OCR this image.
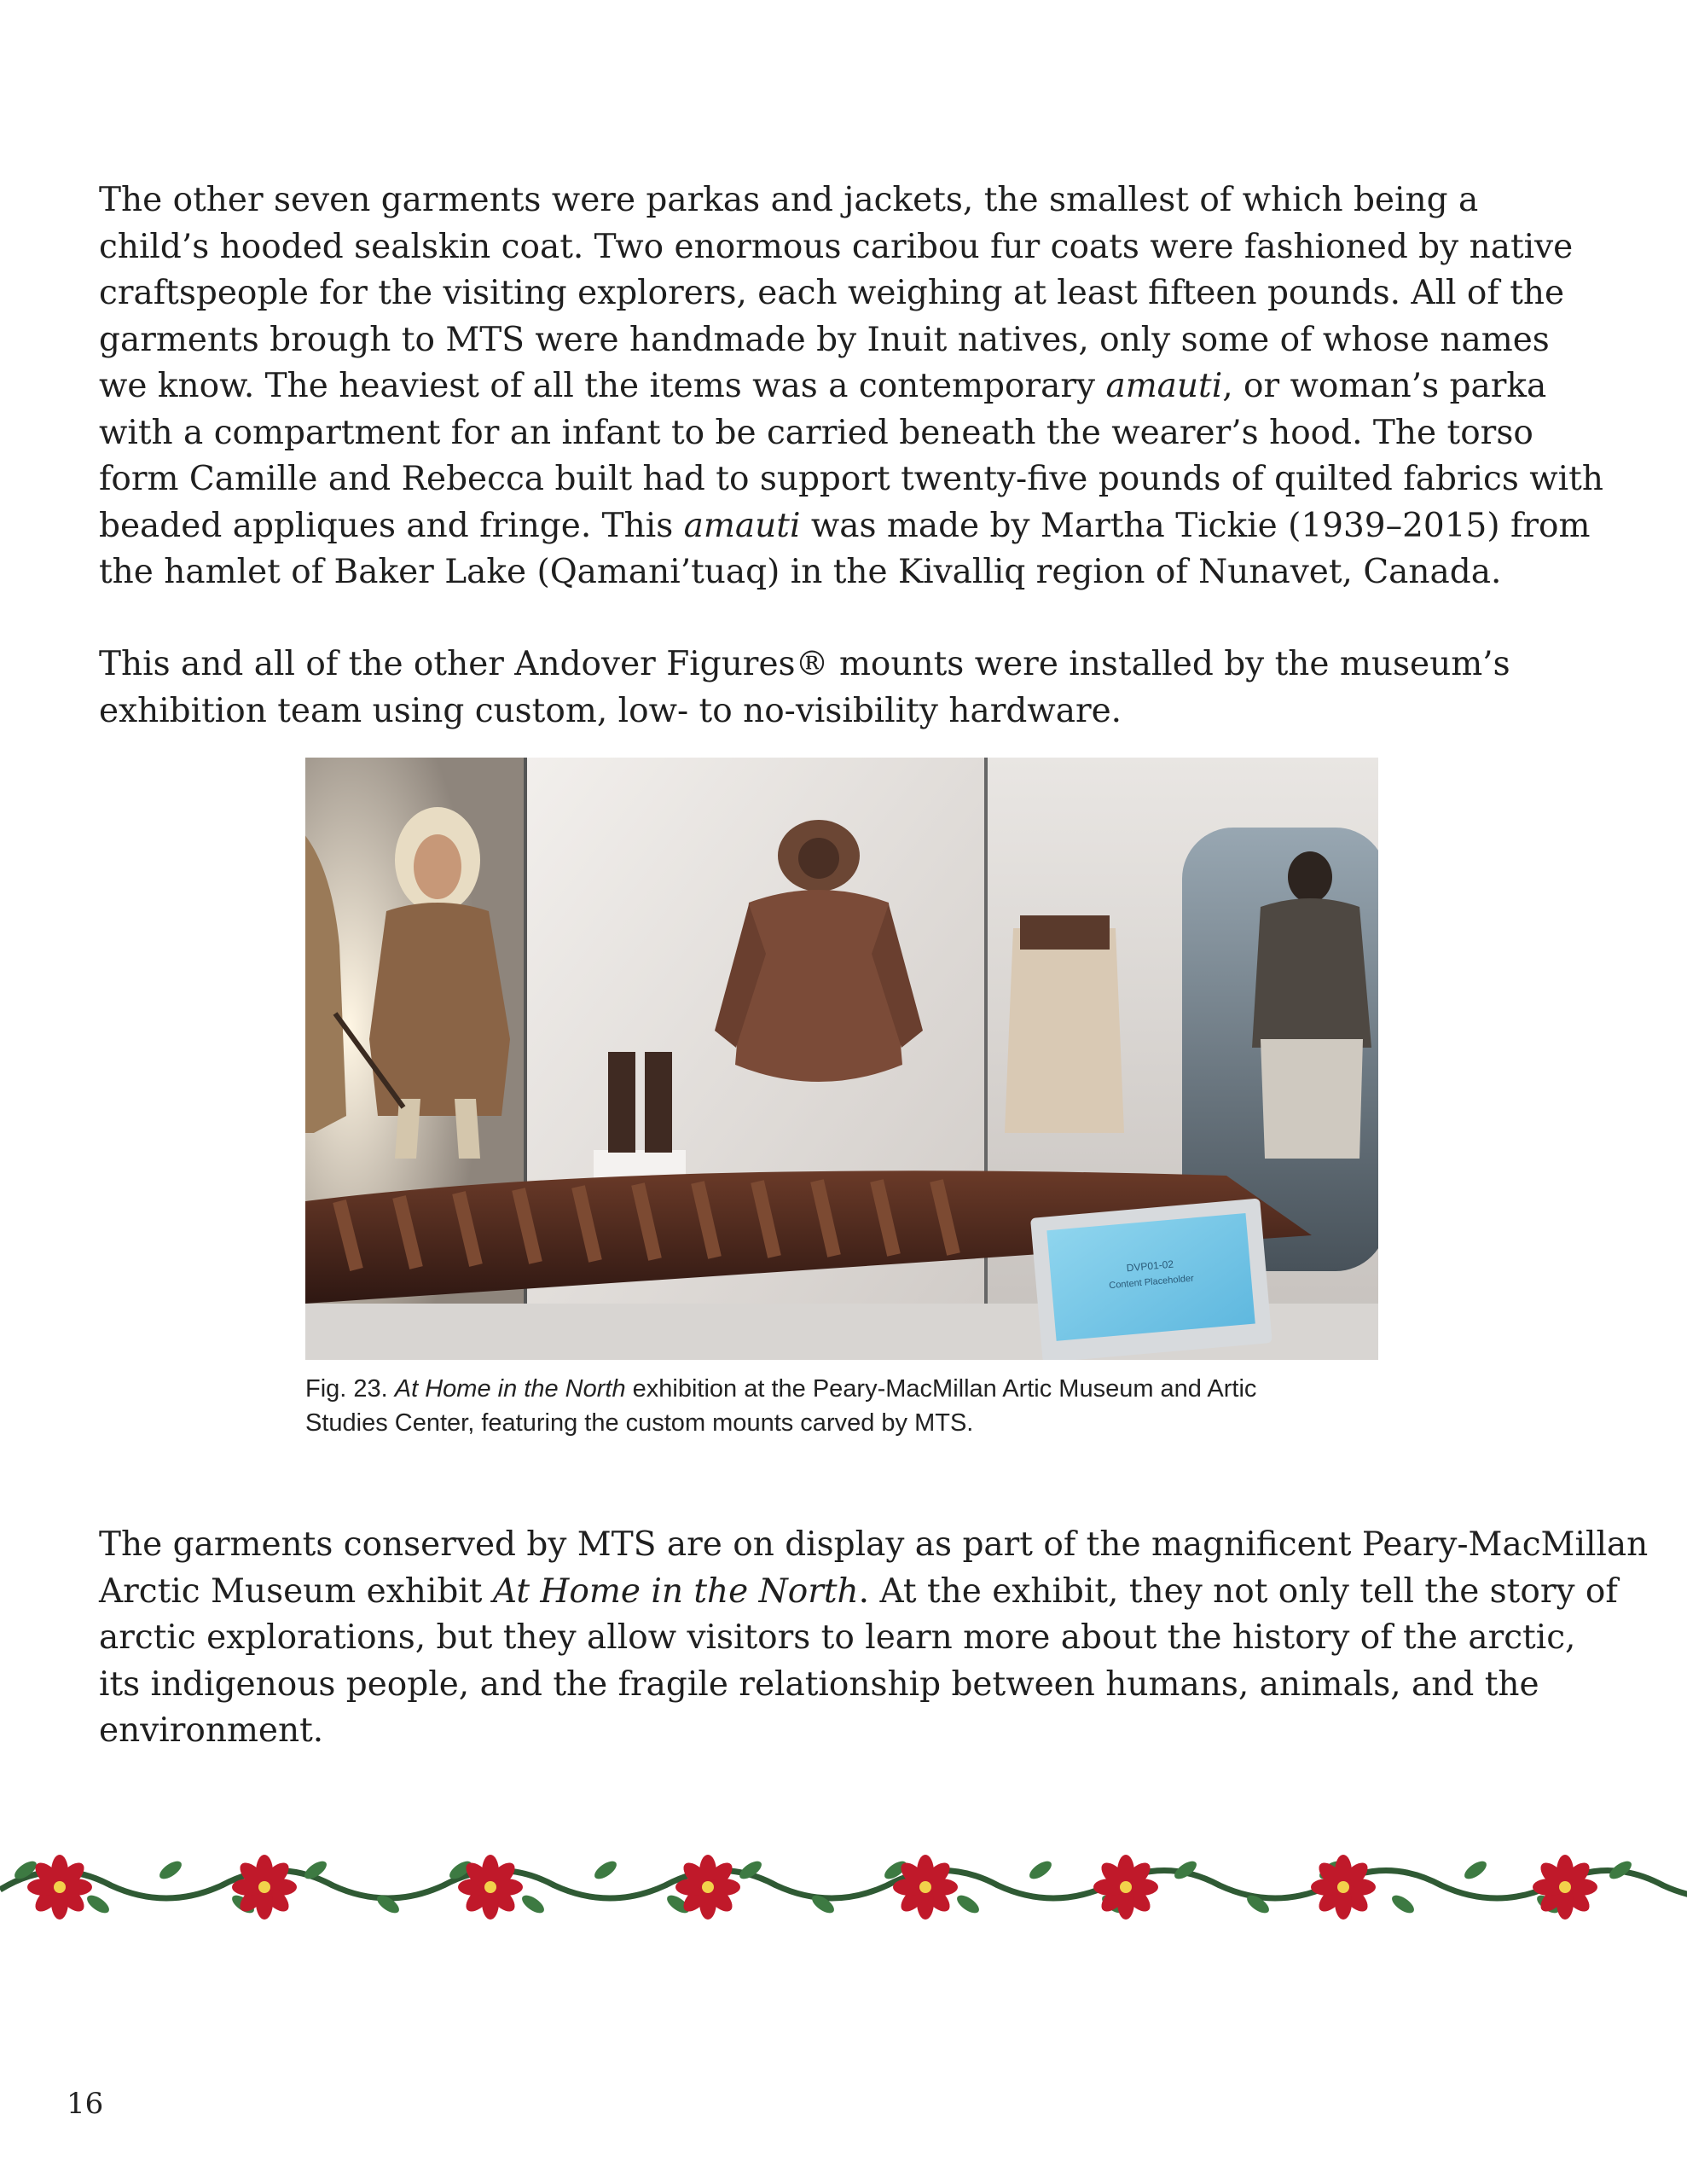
The other seven garments were parkas and jackets, the smallest of which being a
child’s hooded sealskin coat. Two enormous caribou fur coats were fashioned by native
craftspeople for the visiting explorers, each weighing at least fifteen pounds. All of the
garments brough to MTS were handmade by Inuit natives, only some of whose names
we know. The heaviest of all the items was a contemporary amauti, or woman’s parka
with a compartment for an infant to be carried beneath the wearer’s hood. The torso
form Camille and Rebecca built had to support twenty-five pounds of quilted fabrics with
beaded appliques and fringe. This amauti was made by Martha Tickie (1939–2015) from
the hamlet of Baker Lake (Qamani’tuaq) in the Kivalliq region of Nunavet, Canada.
This and all of the other Andover Figures® mounts were installed by the museum’s
exhibition team using custom, low- to no-visibility hardware.
DVP01-02
Content Placeholder
Fig. 23. At Home in the North exhibition at the Peary-MacMillan Artic Museum and Artic
Studies Center, featuring the custom mounts carved by MTS.
The garments conserved by MTS are on display as part of the magnificent Peary-MacMillan
Arctic Museum exhibit At Home in the North. At the exhibit, they not only tell the story of
arctic explorations, but they allow visitors to learn more about the history of the arctic,
its indigenous people, and the fragile relationship between humans, animals, and the
environment.
16
